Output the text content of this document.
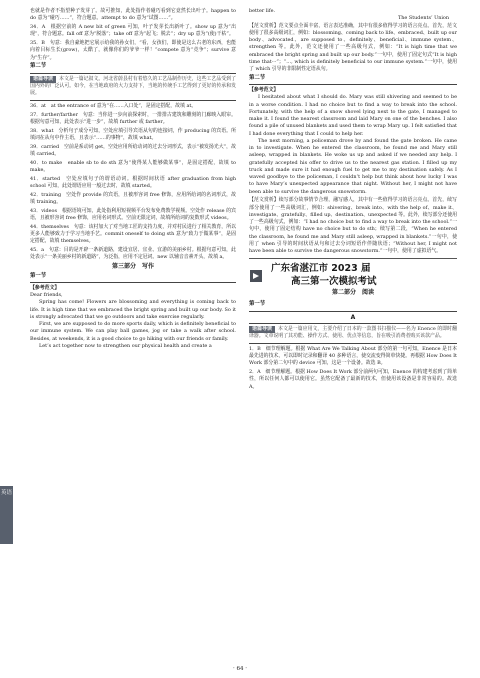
也就是作者不指望种子发芽了。故可推知，此处指作者碰巧看到它竟然长出叶子。happen to do 意为“碰巧……”，符合题意。attempt to do 意为“试图……”。

34．A　根据空前的 A new bit of green 可知，叶子发芽长出新叶了。show up 意为“出现”，符合题意。fall off 意为“脱落”；take off 意为“起飞；脱去”；dry up 意为“(使)干枯”。

35．B　句意：我自豪地把它展示给我的孙女们，“看，女孩们，即使是这么古老的东西，也能向着目标生长(grow)，太酷了，就像你们的爷爷一样！”compete 意为“竞争”；survive 意为“生存”。

第二节

语篇导读 本文是一篇记叙文。河北省蔚县村有着悠久的工艺品制作历史，这些工艺品受到了国内外的广泛认可。如今，在当地政府的大力支持下，当地的传统手工艺得到了更好的传承和发展。

36．at　at the entrance of 意为“在……入口处”，是固定搭配，故填 at。

37．further/farther　句意：当你进一步向前探索时，一排排古建筑和雕刻的门廊映入眼帘。根据句意可知，此处表示“进一步”，故填 further 或 farther。

38．what　分析句子成分可知，空处应填引导宾语从句的连接词，作 producing 的宾语。所填词在从句中作主语，且表示“……的事物”，故填 what。

39．carried　空前是系动词 get，空处应用所给动词的过去分词形式，表示“被发扬光大”，故填 carried。

40．to make　enable sb to do sth 意为“使得某人能够做某事”，是固定搭配，故填 to make。

41．started　空处应填句子的谓语动词。根据时间状语 after graduation from high school 可知，此处谓语应用一般过去时，故填 started。

42．training　空处作 provide 的宾语，且被形容词 free 修饰，应用所给词的名词形式，故填 training。

43．videos　根据语境可知，此处指利用短视频平台发布免费教学视频。空处作 release 的宾语，且被形容词 free 修饰，应用名词形式。空前无限定词，故填所给词的复数形式 videos。

44．themselves　句意：该村加大了对当地工匠的支持力度，并对村民进行了相关教育，所以更多人能够致力于学习当地手艺。commit oneself to doing sth 意为“致力于做某事”，是固定搭配，故填 themselves。

45．a　句意：目的是开辟一条新道路，建设宜居、宜业、宜游的美丽乡村。根据句意可知，此处表示“一条美丽乡村的新道路”，为泛指，应用不定冠词。new 以辅音音素开头，故填 a。

第三部分　写作
第一节
【参考范文】

Dear friends,

Spring has come! Flowers are blossoming and everything is coming back to life. It is high time that we embraced the bright spring and built up our body. So it is strongly advocated that we go outdoors and take exercise regularly.

First, we are supposed to do more sports daily, which is definitely beneficial to our immune system. We can play ball games, jog or take a walk after school. Besides, at weekends, it is a good choice to go hiking with our friends or family.

Let’s act together now to strengthen our physical health and create a

英语

better life.

The Students’ Union

【范文赏析】范文要点全面丰富，语言表达准确，其中有很多值得学习的语言亮点。首先，范文使用了很多高级词汇，例如：blossoming、coming back to life、embraced、built up our body、advocated、are supposed to、definitely、beneficial、immune system、strengthen 等。此外，范文还使用了一些高级句式，例如：“It is high time that we embraced the bright spring and built up our body.”一句中，使用了固定句式“It is high time that···”；“…, which is definitely beneficial to our immune system.”一句中，使用了 which 引导的非限制性定语从句。

第二节
【参考范文】

I hesitated about what I should do. Mary was still shivering and seemed to be in a worse condition. I had no choice but to find a way to break into the school. Fortunately, with the help of a snow shovel lying next to the gate, I managed to make it. I found the nearest classroom and laid Mary on one of the benches. I also found a pile of unused blankets and used them to wrap Mary up. I felt satisfied that I had done everything that I could to help her.

The next morning, a policeman drove by and found the gate broken. He came in to investigate. When he entered the classroom, he found me and Mary still asleep, wrapped in blankets. He woke us up and asked if we needed any help. I gratefully accepted his offer to drive us to the nearest gas station. I filled up my truck and made sure it had enough fuel to get me to my destination safely. As I waved goodbye to the policeman, I couldn’t help but think about how lucky I was to have Mary’s unexpected appearance that night. Without her, I might not have been able to survive the dangerous snowstorm.

【范文赏析】续写部分故事情节合理，融写感人，其中有一些值得学习的语言亮点。首先，续写部分使用了一些高级词汇，例如：shivering、break into、with the help of、make it、investigate、gratefully、filled up、destination、unexpected 等。此外，续写部分还使用了一些高级句式，例如：“I had no choice but to find a way to break into the school.”一句中，使用了固定结构 have no choice but to do sth；续写第二段，“When he entered the classroom, he found me and Mary still asleep, wrapped in blankets.”一句中，使用了 when 引导的时间状语从句和过去分词短语作伴随状语；“Without her, I might not have been able to survive the dangerous snowstorm.”一句中，使用了虚拟语气。

广东省湛江市 2023 届
高三第一次模拟考试
第二部分　阅读
第一节
A

语篇导读 本文是一篇应用文，主要介绍了日本的一款图书扫描仪——名为 Enence 的即时翻译器。文章说明了其功能、操作方式、使用、优点等信息，旨在吸引消费者购买该款产品。

1．B　细节理解题。根据 What Are We Talking About 部分的第一句可知，Enence 是日本最先进的技术，可以即时记录和翻译 40 多种语言，使交流变得简单快捷。再根据 How Does It Work 部分第二句中的 device 可知，这是一个设备。故选 B。

2．A　细节理解题。根据 How Does It Work 部分前两句可知，Enence 的构建考虑到了简单性，所以任何人都可以使用它。虽然它配备了最新的技术，但使用该设备是非常容易的。故选 A。

· 64 ·
